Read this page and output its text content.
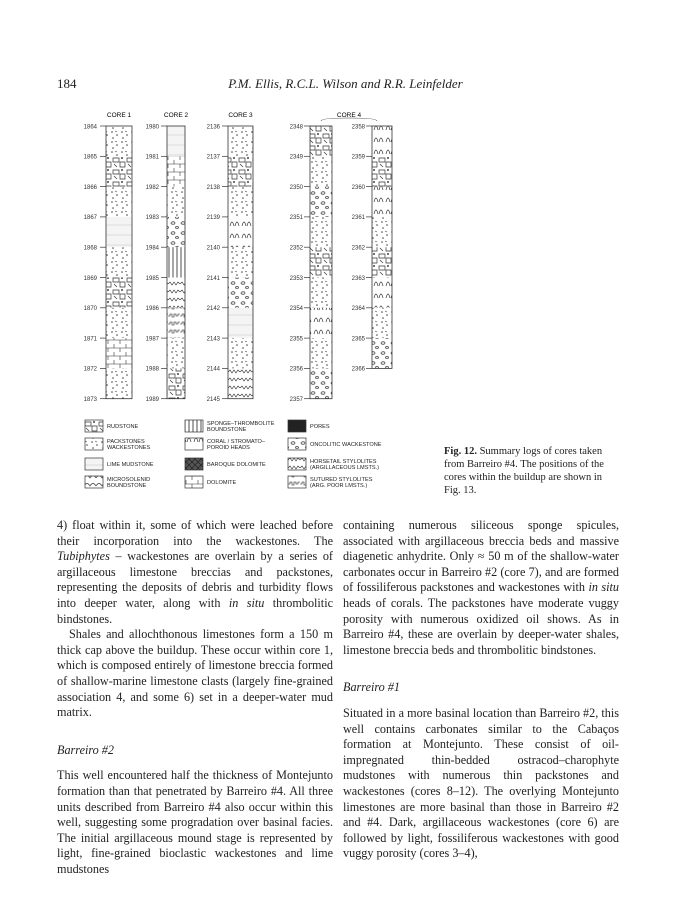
184	P.M. Ellis, R.C.L. Wilson and R.R. Leinfelder
CORE 1
1864
1865
1866
1867
1868
1869
1870
1871
1872
1873
CORE 2
1980
1981
1982
1983
1984
1985
1986
1987
1988
1989
CORE 3
2136
2137
2138
2139
2140
2141
2142
2143
2144
2145
2348
2349
2350
2351
2352
2353
2354
2355
2356
2357
2358
2359
2360
2361
2362
2363
2364
2365
2366
CORE 4
RUDSTONE
PACKSTONES
WACKESTONES
LIME MUDSTONE
MICROSOLENID
BOUNDSTONE
SPONGE–THROMBOLITE
BOUNDSTONE
CORAL / STROMATO–
POROID HEADS
BAROQUE DOLOMITE
DOLOMITE
PORES
ONCOLITIC WACKESTONE
HORSETAIL STYLOLITES
(ARGILLACEOUS LMSTS.)
SUTURED STYLOLITES
(ARG. POOR LMSTS.)
Fig. 12. Summary logs of cores taken from Barreiro #4. The positions of the cores within the buildup are shown in Fig. 13.

4) float within it, some of which were leached before their incorporation into the wackestones. The Tubiphytes – wackestones are overlain by a series of argillaceous limestone breccias and packstones, representing the deposits of debris and turbidity flows into deeper water, along with in situ thrombolitic bindstones.

Shales and allochthonous limestones form a 150 m thick cap above the buildup. These occur within core 1, which is composed entirely of limestone breccia formed of shallow-marine limestone clasts (largely fine-grained association 4, and some 6) set in a deeper-water mud matrix.

Barreiro #2

This well encountered half the thickness of Montejunto formation than that penetrated by Barreiro #4. All three units described from Barreiro #4 also occur within this well, suggesting some progradation over basinal facies. The initial argillaceous mound stage is represented by light, fine-grained bioclastic wackestones and lime mudstones

containing numerous siliceous sponge spicules, associated with argillaceous breccia beds and massive diagenetic anhydrite. Only ≈ 50 m of the shallow-water carbonates occur in Barreiro #2 (core 7), and are formed of fossiliferous packstones and wackestones with in situ heads of corals. The packstones have moderate vuggy porosity with numerous oxidized oil shows. As in Barreiro #4, these are overlain by deeper-water shales, limestone breccia beds and thrombolitic bindstones.

Barreiro #1

Situated in a more basinal location than Barreiro #2, this well contains carbonates similar to the Cabaços formation at Montejunto. These consist of oil-impregnated thin-bedded ostracod–charophyte mudstones with numerous thin packstones and wackestones (cores 8–12). The overlying Montejunto limestones are more basinal than those in Barreiro #2 and #4. Dark, argillaceous wackestones (core 6) are followed by light, fossiliferous wackestones with good vuggy porosity (cores 3–4),
